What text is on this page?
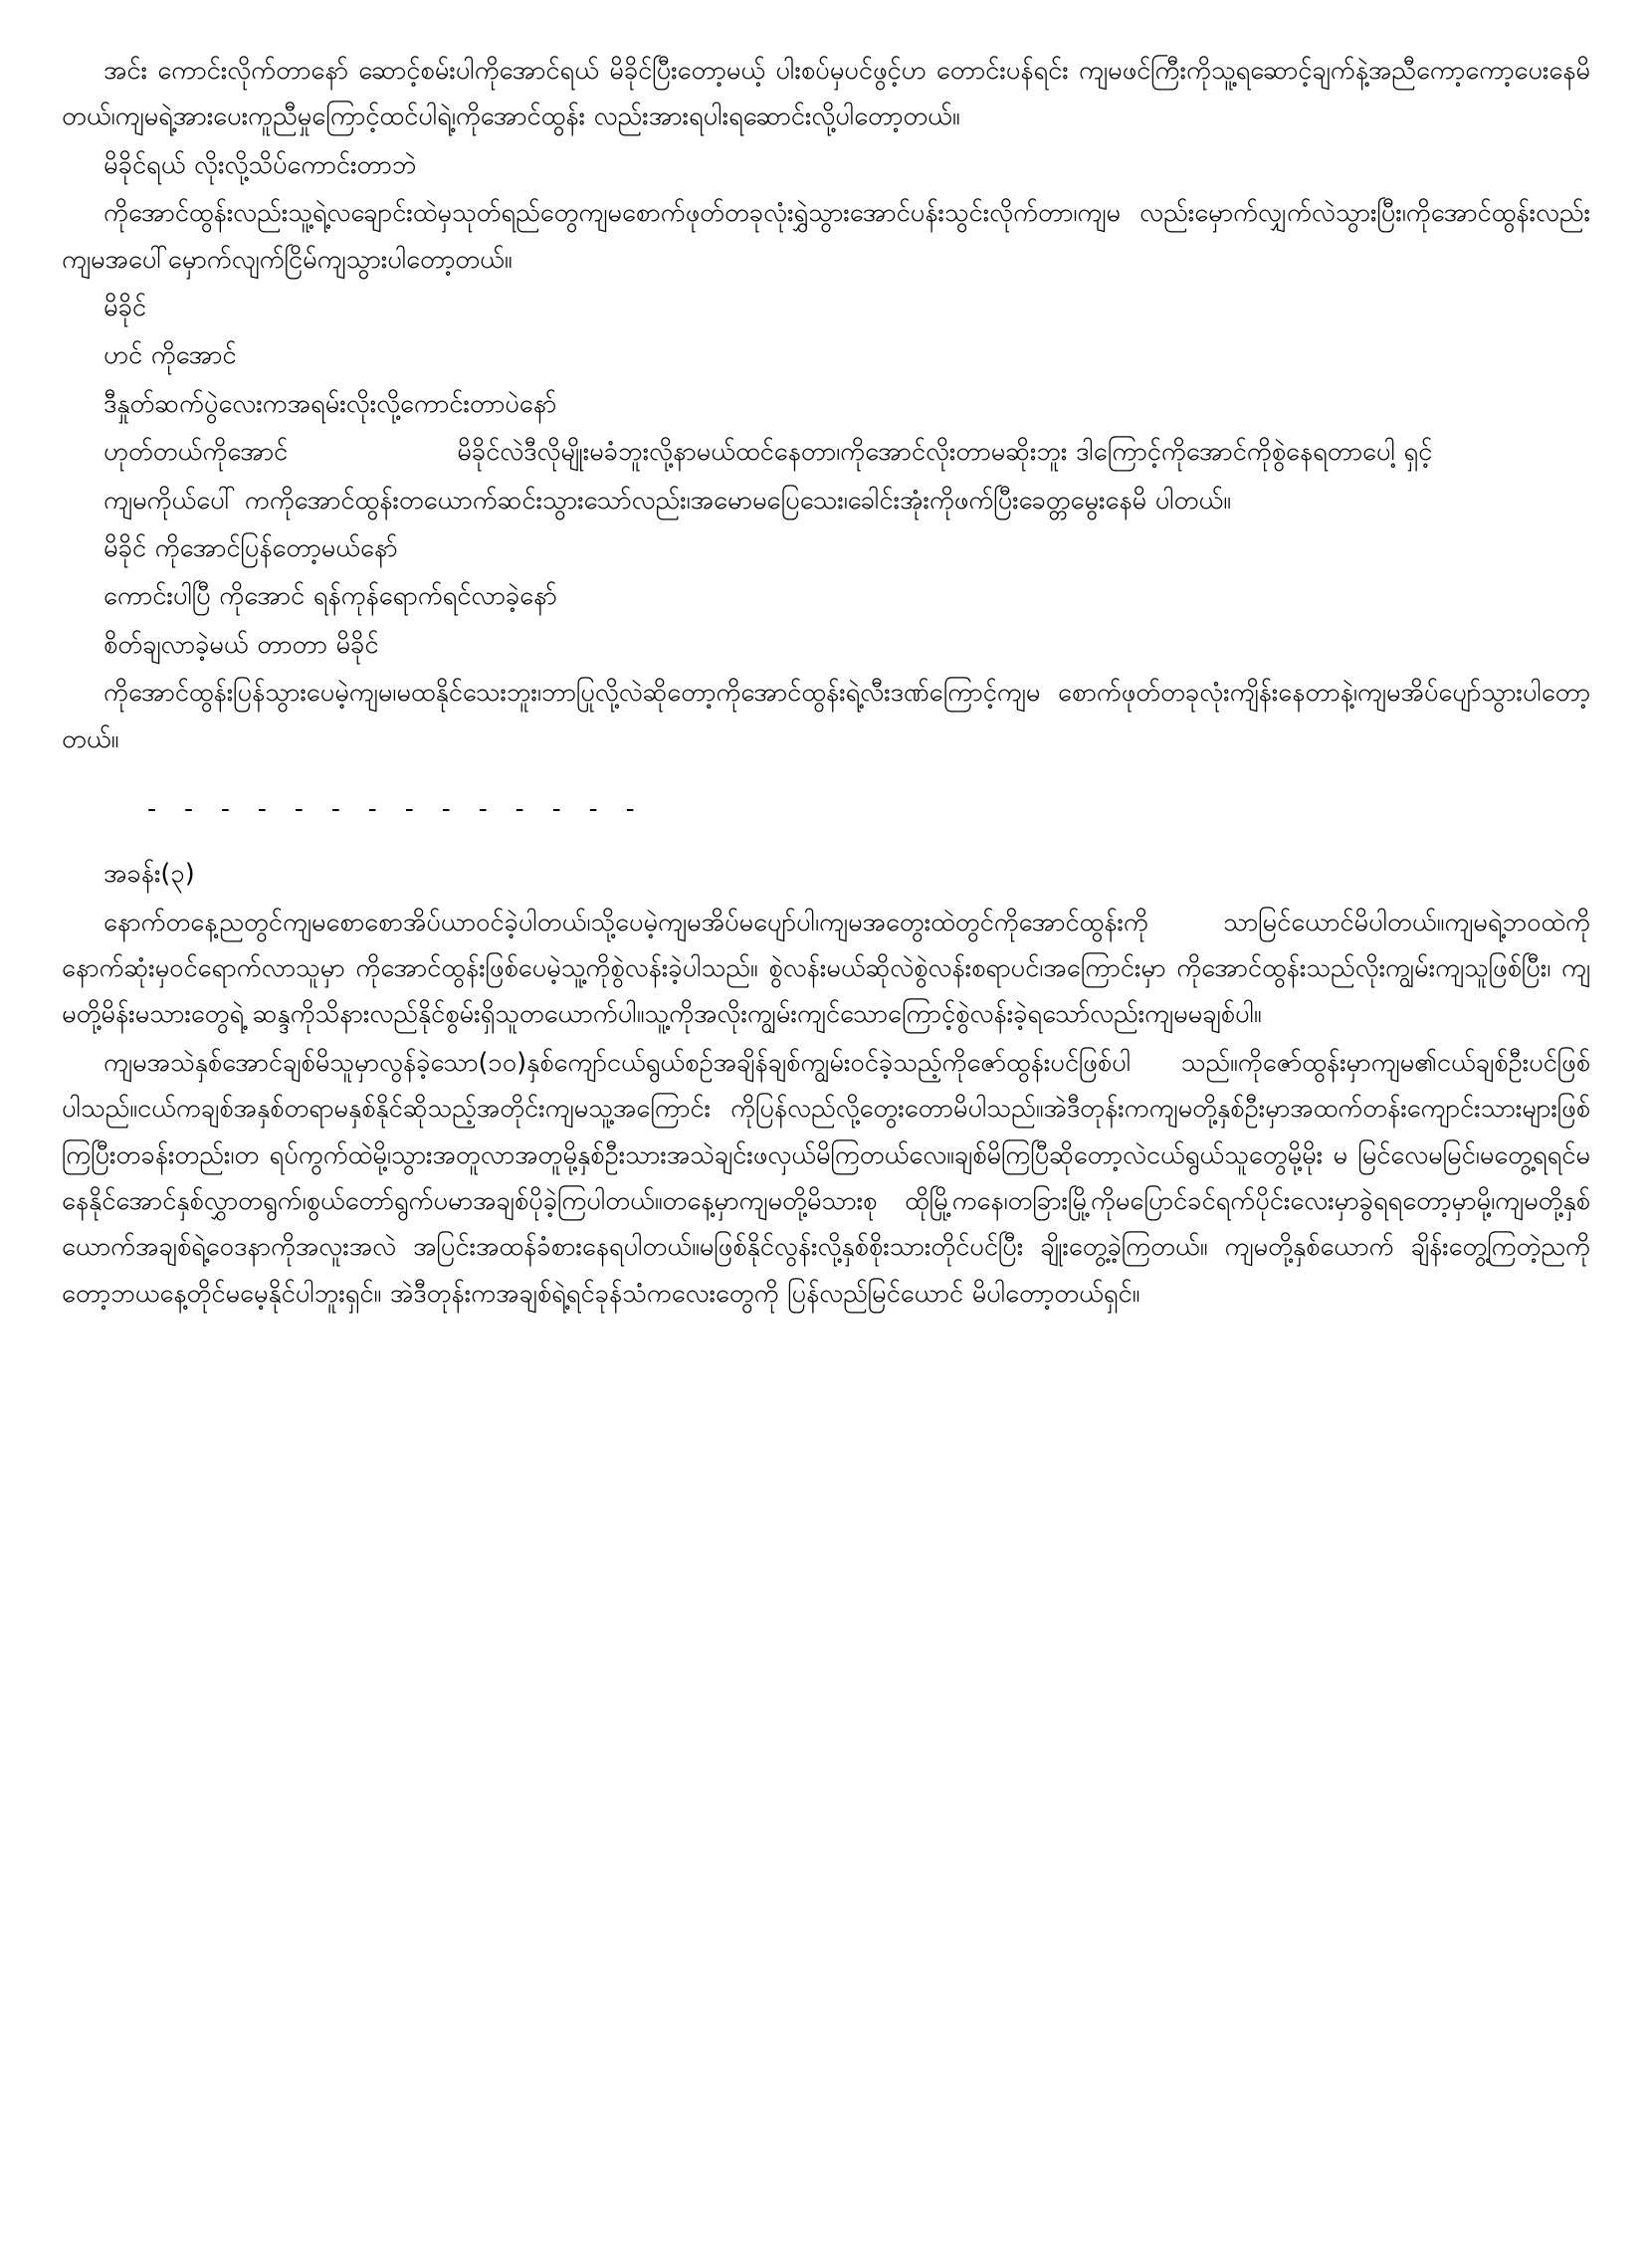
အင်း ကောင်းလိုက်တာနော် ဆောင့်စမ်းပါကိုအောင်ရယ် မိခိုင်ပြီးတော့မယ့် ပါးစပ်မှပင်ဖွင့်ဟ တောင်းပန်ရင်း ကျမဖင်ကြီးကိုသူ့ရဆောင့်ချက်နဲ့အညီကော့ကော့ပေးနေမိတယ်၊ကျမရဲ့အားပေးကူညီမှုကြောင့်ထင်ပါရဲ့၊ကိုအောင်ထွန်း လည်းအားရပါးရဆောင်းလို့ပါတော့တယ်။

မိခိုင်ရယ် လိုးလို့သိပ်ကောင်းတာဘဲ

ကိုအောင်ထွန်းလည်းသူ့ရဲ့လချောင်းထဲမှသုတ်ရည်တွေကျမစောက်ဖုတ်တခုလုံးရွှဲသွားအောင်ပန်းသွင်းလိုက်တာ၊ကျမ လည်းမှောက်လျှက်လဲသွားပြီး၊ကိုအောင်ထွန်းလည်းကျမအပေါ်မှောက်လျက်ငြိမ်ကျသွားပါတော့တယ်။

မိခိုင်

ဟင် ကိုအောင်

ဒီနှုတ်ဆက်ပွဲလေးကအရမ်းလိုးလို့ကောင်းတာပဲနော်

ဟုတ်တယ်ကိုအောင်	မိခိုင်လဲဒီလိုမျိုးမခံဘူးလို့နာမယ်ထင်နေတာ၊ကိုအောင်လိုးတာမဆိုးဘူး ဒါကြောင့်ကိုအောင်ကိုစွဲနေရတာပေါ့ ရှင့်

ကျမကိုယ်ပေါ် ကကိုအောင်ထွန်းတယောက်ဆင်းသွားသော်လည်း၊အမောမပြေသေး၊ခေါင်းအုံးကိုဖက်ပြီးခေတ္တမွေးနေမိ ပါတယ်။

မိခိုင် ကိုအောင်ပြန်တော့မယ်နော်

ကောင်းပါပြီ ကိုအောင် ရန်ကုန်ရောက်ရင်လာခဲ့နော်

စိတ်ချလာခဲ့မယ် တာတာ မိခိုင်

ကိုအောင်ထွန်းပြန်သွားပေမဲ့ကျမ၊မထနိုင်သေးဘူး၊ဘာပြုလို့လဲဆိုတော့ကိုအောင်ထွန်းရဲ့လီးဒဏ်ကြောင့်ကျမ စောက်ဖုတ်တခုလုံးကျိန်းနေတာနဲ့၊ကျမအိပ်ပျော်သွားပါတော့တယ်။

- - - - - - - - - - - - - -
အခန်း(၃)

နောက်တနေ့ညတွင်ကျမစောစောအိပ်ယာဝင်ခဲ့ပါတယ်၊သို့ပေမဲ့ကျမအိပ်မပျော်ပါ၊ကျမအတွေးထဲတွင်ကိုအောင်ထွန်းကို သာမြင်ယောင်မိပါတယ်။ကျမရဲ့ဘဝထဲကိုနောက်ဆုံးမှဝင်ရောက်လာသူမှာ ကိုအောင်ထွန်းဖြစ်ပေမဲ့သူ့ကိုစွဲလန်းခဲ့ပါသည်။ စွဲလန်းမယ်ဆိုလဲစွဲလန်းစရာပင်၊အကြောင်းမှာ ကိုအောင်ထွန်းသည်လိုးကျွမ်းကျသူဖြစ်ပြီး၊ ကျမတို့မိန်းမသားတွေရဲ့ ဆန္ဒကိုသိနားလည်နိုင်စွမ်းရှိသူတယောက်ပါ။သူ့ကိုအလိုးကျွမ်းကျင်သောကြောင့်စွဲလန်းခဲ့ရသော်လည်းကျမမချစ်ပါ။

ကျမအသဲနှစ်အောင်ချစ်မိသူမှာလွန်ခဲ့သော(၁၀)နှစ်ကျော်ငယ်ရွယ်စဉ်အချိန်ချစ်ကျွမ်းဝင်ခဲ့သည့်ကိုဇော်ထွန်းပင်ဖြစ်ပါ သည်။ကိုဇော်ထွန်းမှာကျမ၏ငယ်ချစ်ဦးပင်ဖြစ်ပါသည်။ငယ်ကချစ်အနှစ်တရာမနှစ်နိုင်ဆိုသည့်အတိုင်းကျမသူ့အကြောင်း ကိုပြန်လည်လို့တွေးတောမိပါသည်။အဲဒီတုန်းကကျမတို့နှစ်ဦးမှာအထက်တန်းကျောင်းသားများဖြစ်ကြပြီးတခန်းတည်း၊တ ရပ်ကွက်ထဲမို့၊သွားအတူလာအတူမို့နှစ်ဦးသားအသဲချင်းဖလှယ်မိကြတယ်လေ။ချစ်မိကြပြီဆိုတော့လဲငယ်ရွယ်သူတွေမို့မိုး မ မြင်လေမမြင်၊မတွေ့ရရင်မနေနိုင်အောင်နှစ်လွှာတရွက်၊စွယ်တော်ရွက်ပမာအချစ်ပိုခဲ့ကြပါတယ်။တနေ့မှာကျမတို့မိသားစု ထိုမြို့ကနေ၊တခြားမြို့ကိုမပြောင်ခင်ရက်ပိုင်းလေးမှာခွဲရရတော့မှာမို့၊ကျမတို့နှစ်ယောက်အချစ်ရဲ့ဝေဒနာကိုအလူးအလဲ အပြင်းအထန်ခံစားနေရပါတယ်။မဖြစ်နိုင်လွန်းလို့နှစ်စိုးသားတိုင်ပင်ပြီး ချိုးတွေ့ခဲ့ကြတယ်။ ကျမတို့နှစ်ယောက် ချိန်းတွေ့ကြတဲ့ညကိုတော့ဘယနေ့တိုင်မမေ့နိုင်ပါဘူးရှင်။ အဲဒီတုန်းကအချစ်ရဲ့ရင်ခုန်သံကလေးတွေကို ပြန်လည်မြင်ယောင် မိပါတော့တယ်ရှင်။
